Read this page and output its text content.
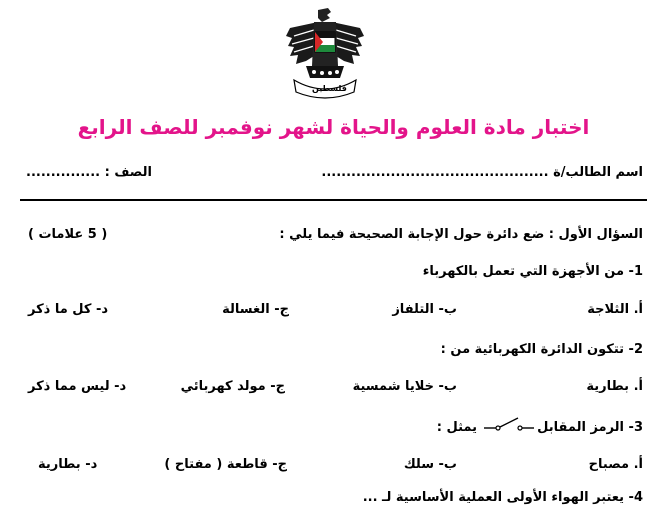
فلسطين
اختبار مادة العلوم والحياة لشهر نوفمبر للصف الرابع
اسم الطالب/ة ..............................................
الصف : ...............
السؤال الأول : ضع دائرة حول الإجابة الصحيحة فيما يلي :
( 5 علامات )
1- من الأجهزة التي تعمل بالكهرباء
أ. الثلاجة
ب- التلفاز
ج- الغسالة
د- كل ما ذكر
2- تتكون الدائرة الكهربائية من :
أ. بطارية
ب- خلايا شمسية
ج- مولد كهربائي
د- ليس مما ذكر
3- الرمز المقابل
يمثل :
أ. مصباح
ب- سلك
ج- قاطعة ( مفتاح )
د- بطارية
4- يعتبر الهواء الأولى العملية الأساسية لـ ...
